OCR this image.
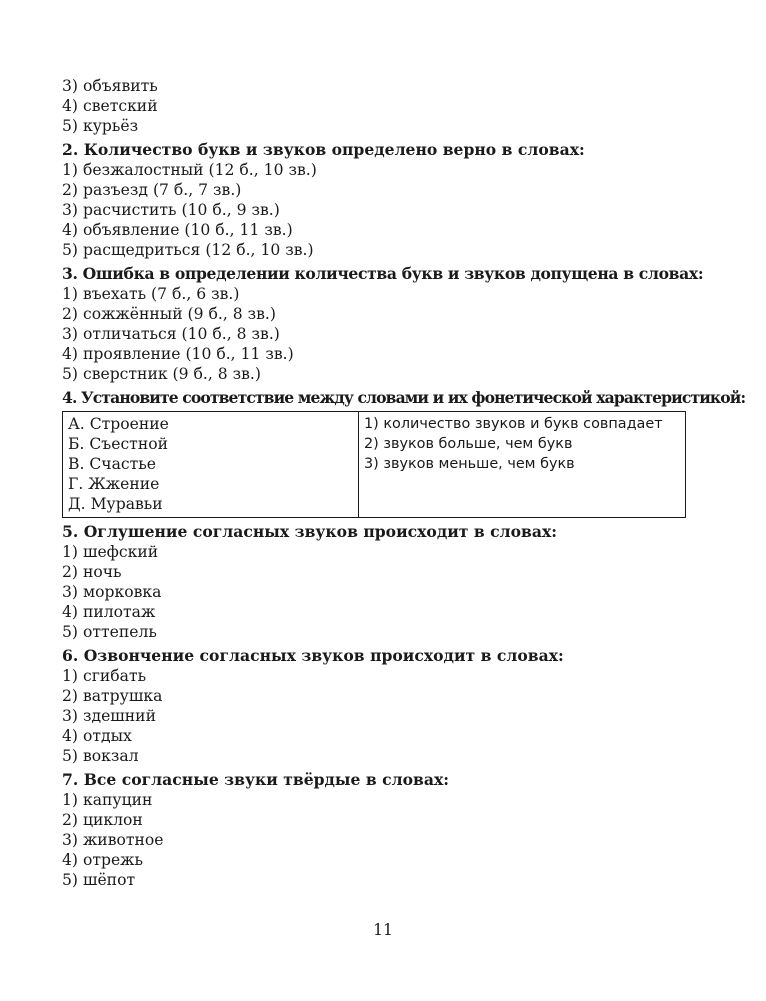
3) объявить
4) светский
5) курьёз
2. Количество букв и звуков определено верно в словах:
1) безжалостный (12 б., 10 зв.)
2) разъезд (7 б., 7 зв.)
3) расчистить (10 б., 9 зв.)
4) объявление (10 б., 11 зв.)
5) расщедриться (12 б., 10 зв.)
3. Ошибка в определении количества букв и звуков допущена в словах:
1) въехать (7 б., 6 зв.)
2) сожжённый (9 б., 8 зв.)
3) отличаться (10 б., 8 зв.)
4) проявление (10 б., 11 зв.)
5) сверстник (9 б., 8 зв.)
4. Установите соответствие между словами и их фонетической характеристикой:
А. Строение
Б. Съестной
В. Счастье
Г. Жжение
Д. Муравьи

1) количество звуков и букв совпадает
2) звуков больше, чем букв
3) звуков меньше, чем букв
5. Оглушение согласных звуков происходит в словах:
1) шефский
2) ночь
3) морковка
4) пилотаж
5) оттепель
6. Озвончение согласных звуков происходит в словах:
1) сгибать
2) ватрушка
3) здешний
4) отдых
5) вокзал
7. Все согласные звуки твёрдые в словах:
1) капуцин
2) циклон
3) животное
4) отрежь
5) шёпот
11
